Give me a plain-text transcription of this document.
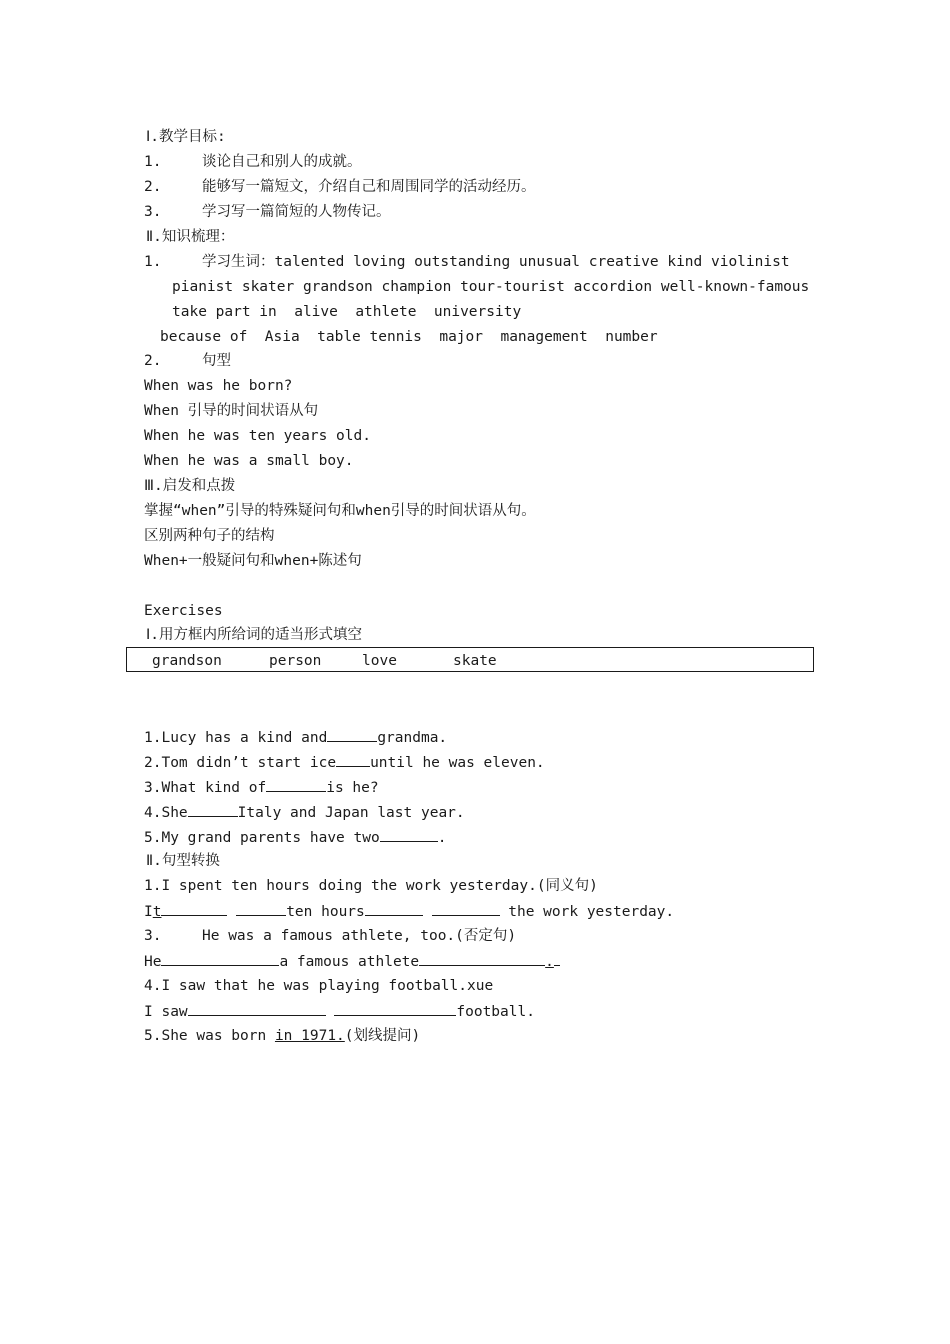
Ⅰ.教学目标:
1.	谈论自己和别人的成就。
2.	能够写一篇短文，介绍自己和周围同学的活动经历。
3.	学习写一篇简短的人物传记。
Ⅱ.知识梳理：
1.	学习生词：talented loving outstanding unusual creative kind violinist
pianist skater grandson champion tour-tourist accordion well-known-famous
take part in  alive  athlete  university
because of  Asia  table tennis  major  management  number
2.	句型
When was he born?
When 引导的时间状语从句
When he was ten years old.
When he was a small boy.
Ⅲ.启发和点拨
掌握“when”引导的特殊疑问句和when引导的时间状语从句。
区别两种句子的结构
When+一般疑问句和when+陈述句
Exercises
Ⅰ.用方框内所给词的适当形式填空
grandson	person	love	skate
1.Lucy has a kind and	grandma.
2.Tom didn’t start ice until he was eleven.
3.What kind of	is he?
4.She	Italy and Japan last year.
5.My grand parents have two	.
Ⅱ.句型转换
1.I spent ten hours doing the work yesterday.(同义句)
It	ten hours	the work yesterday.
3.	He was a famous athlete, too.(否定句)
He	a famous athlete	.
4.I saw that he was playing football.xue
I saw	football.
5.She was born in 1971.(划线提问)
